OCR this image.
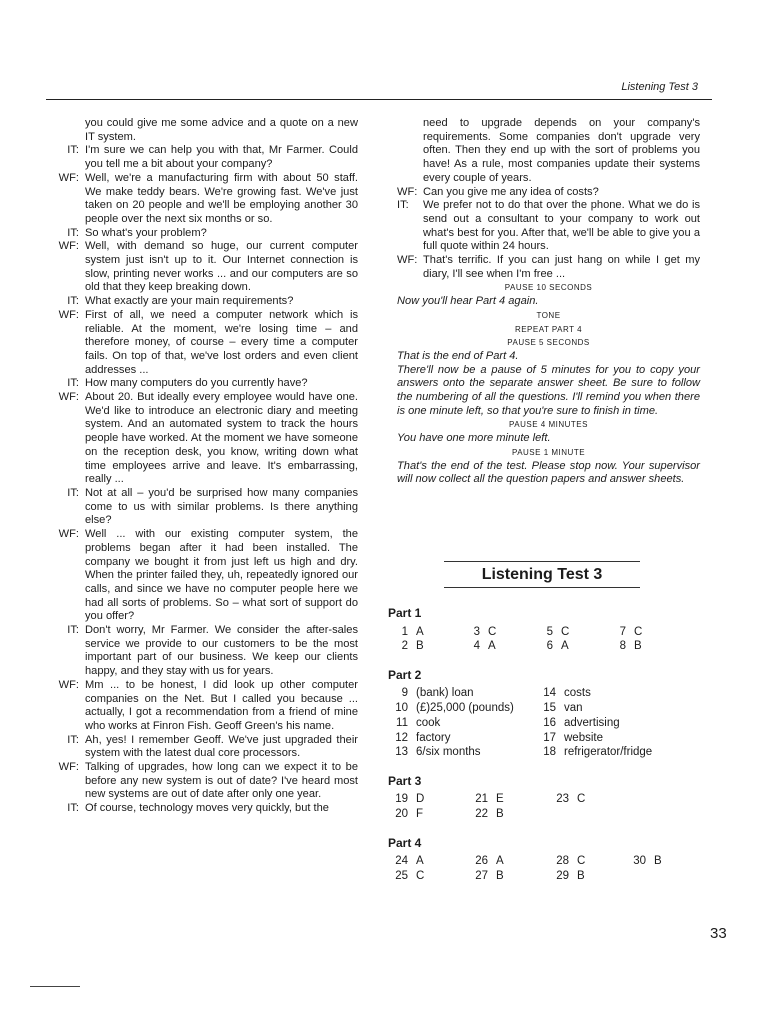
Listening Test 3
you could give me some advice and a quote on a new IT system.
IT: I'm sure we can help you with that, Mr Farmer. Could you tell me a bit about your company?
WF: Well, we're a manufacturing firm with about 50 staff. We make teddy bears. We're growing fast. We've just taken on 20 people and we'll be employing another 30 people over the next six months or so.
IT: So what's your problem?
WF: Well, with demand so huge, our current computer system just isn't up to it. Our Internet connection is slow, printing never works ... and our computers are so old that they keep breaking down.
IT: What exactly are your main requirements?
WF: First of all, we need a computer network which is reliable. At the moment, we're losing time – and therefore money, of course – every time a computer fails. On top of that, we've lost orders and even client addresses ...
IT: How many computers do you currently have?
WF: About 20. But ideally every employee would have one. We'd like to introduce an electronic diary and meeting system. And an automated system to track the hours people have worked. At the moment we have someone on the reception desk, you know, writing down what time employees arrive and leave. It's embarrassing, really ...
IT: Not at all – you'd be surprised how many companies come to us with similar problems. Is there anything else?
WF: Well ... with our existing computer system, the problems began after it had been installed. The company we bought it from just left us high and dry. When the printer failed they, uh, repeatedly ignored our calls, and since we have no computer people here we had all sorts of problems. So – what sort of support do you offer?
IT: Don't worry, Mr Farmer. We consider the after-sales service we provide to our customers to be the most important part of our business. We keep our clients happy, and they stay with us for years.
WF: Mm ... to be honest, I did look up other computer companies on the Net. But I called you because ... actually, I got a recommendation from a friend of mine who works at Finron Fish. Geoff Green's his name.
IT: Ah, yes! I remember Geoff. We've just upgraded their system with the latest dual core processors.
WF: Talking of upgrades, how long can we expect it to be before any new system is out of date? I've heard most new systems are out of date after only one year.
IT: Of course, technology moves very quickly, but the
need to upgrade depends on your company's requirements. Some companies don't upgrade very often. Then they end up with the sort of problems you have! As a rule, most companies update their systems every couple of years.
WF: Can you give me any idea of costs?
IT:	We prefer not to do that over the phone. What we do is send out a consultant to your company to work out what's best for you. After that, we'll be able to give you a full quote within 24 hours.
WF: That's terrific. If you can just hang on while I get my diary, I'll see when I'm free ...
PAUSE 10 SECONDS
Now you'll hear Part 4 again.
TONE
REPEAT PART 4
PAUSE 5 SECONDS
That is the end of Part 4.
There'll now be a pause of 5 minutes for you to copy your answers onto the separate answer sheet. Be sure to follow the numbering of all the questions. I'll remind you when there is one minute left, so that you're sure to finish in time.
PAUSE 4 MINUTES
You have one more minute left.
PAUSE 1 MINUTE
That's the end of the test. Please stop now. Your supervisor will now collect all the question papers and answer sheets.
Listening Test 3
Part 1
1 A	3 C	5 C	7 C
2 B	4 A	6 A	8 B
Part 2
9 (bank) loan	14 costs
10 (£)25,000 (pounds)	15 van
11 cook	16 advertising
12 factory	17 website
13 6/six months	18 refrigerator/fridge
Part 3
19 D	21 E	23 C
20 F	22 B
Part 4
24 A	26 A	28 C	30 B
25 C	27 B	29 B
33
